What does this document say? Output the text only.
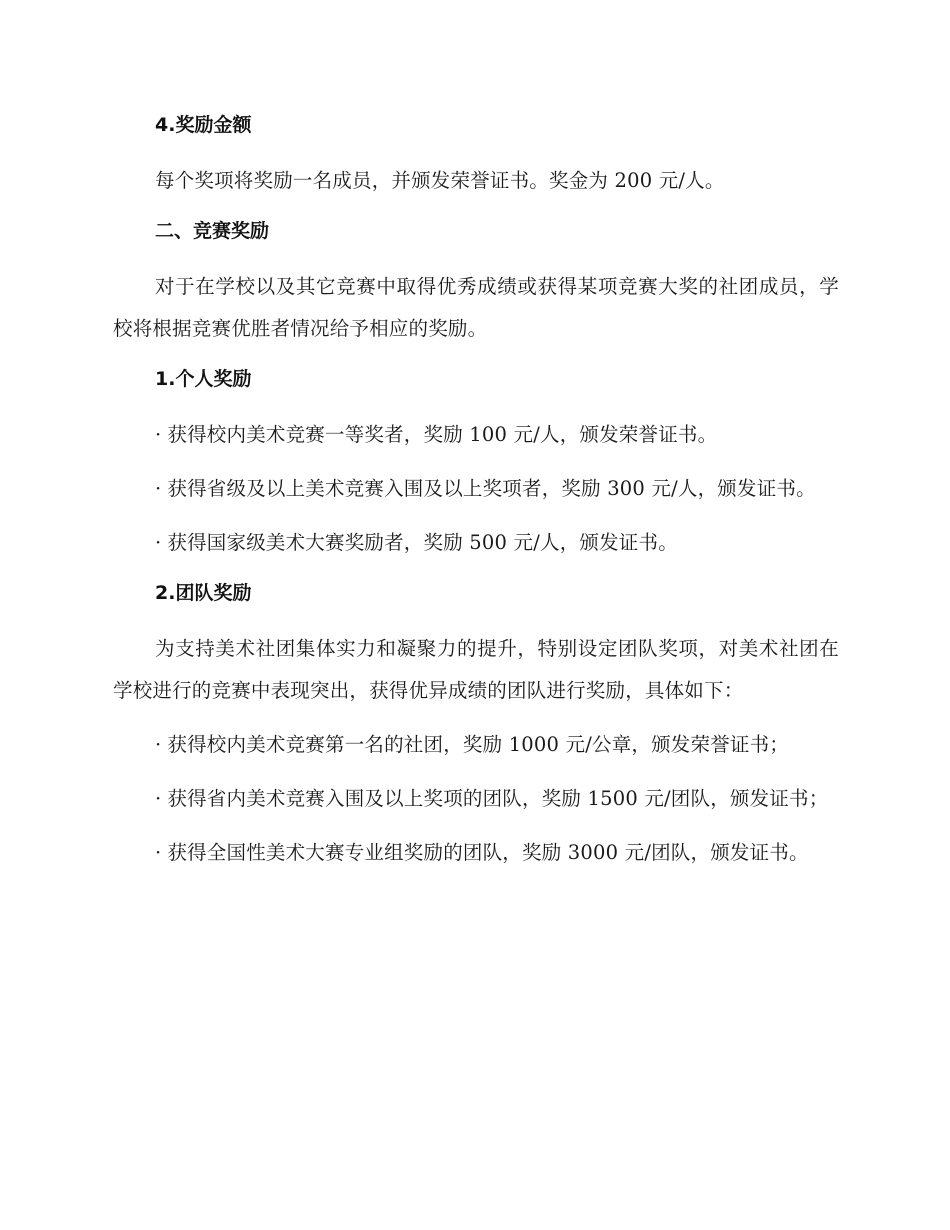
4.奖励金额

每个奖项将奖励一名成员，并颁发荣誉证书。奖金为 200 元/人。

二、竞赛奖励

对于在学校以及其它竞赛中取得优秀成绩或获得某项竞赛大奖的社团成员，学校将根据竞赛优胜者情况给予相应的奖励。

1.个人奖励

· 获得校内美术竞赛一等奖者，奖励 100 元/人，颁发荣誉证书。

· 获得省级及以上美术竞赛入围及以上奖项者，奖励 300 元/人，颁发证书。

· 获得国家级美术大赛奖励者，奖励 500 元/人，颁发证书。

2.团队奖励

为支持美术社团集体实力和凝聚力的提升，特别设定团队奖项，对美术社团在学校进行的竞赛中表现突出，获得优异成绩的团队进行奖励，具体如下：

· 获得校内美术竞赛第一名的社团，奖励 1000 元/公章，颁发荣誉证书；

· 获得省内美术竞赛入围及以上奖项的团队，奖励 1500 元/团队，颁发证书；

· 获得全国性美术大赛专业组奖励的团队，奖励 3000 元/团队，颁发证书。
